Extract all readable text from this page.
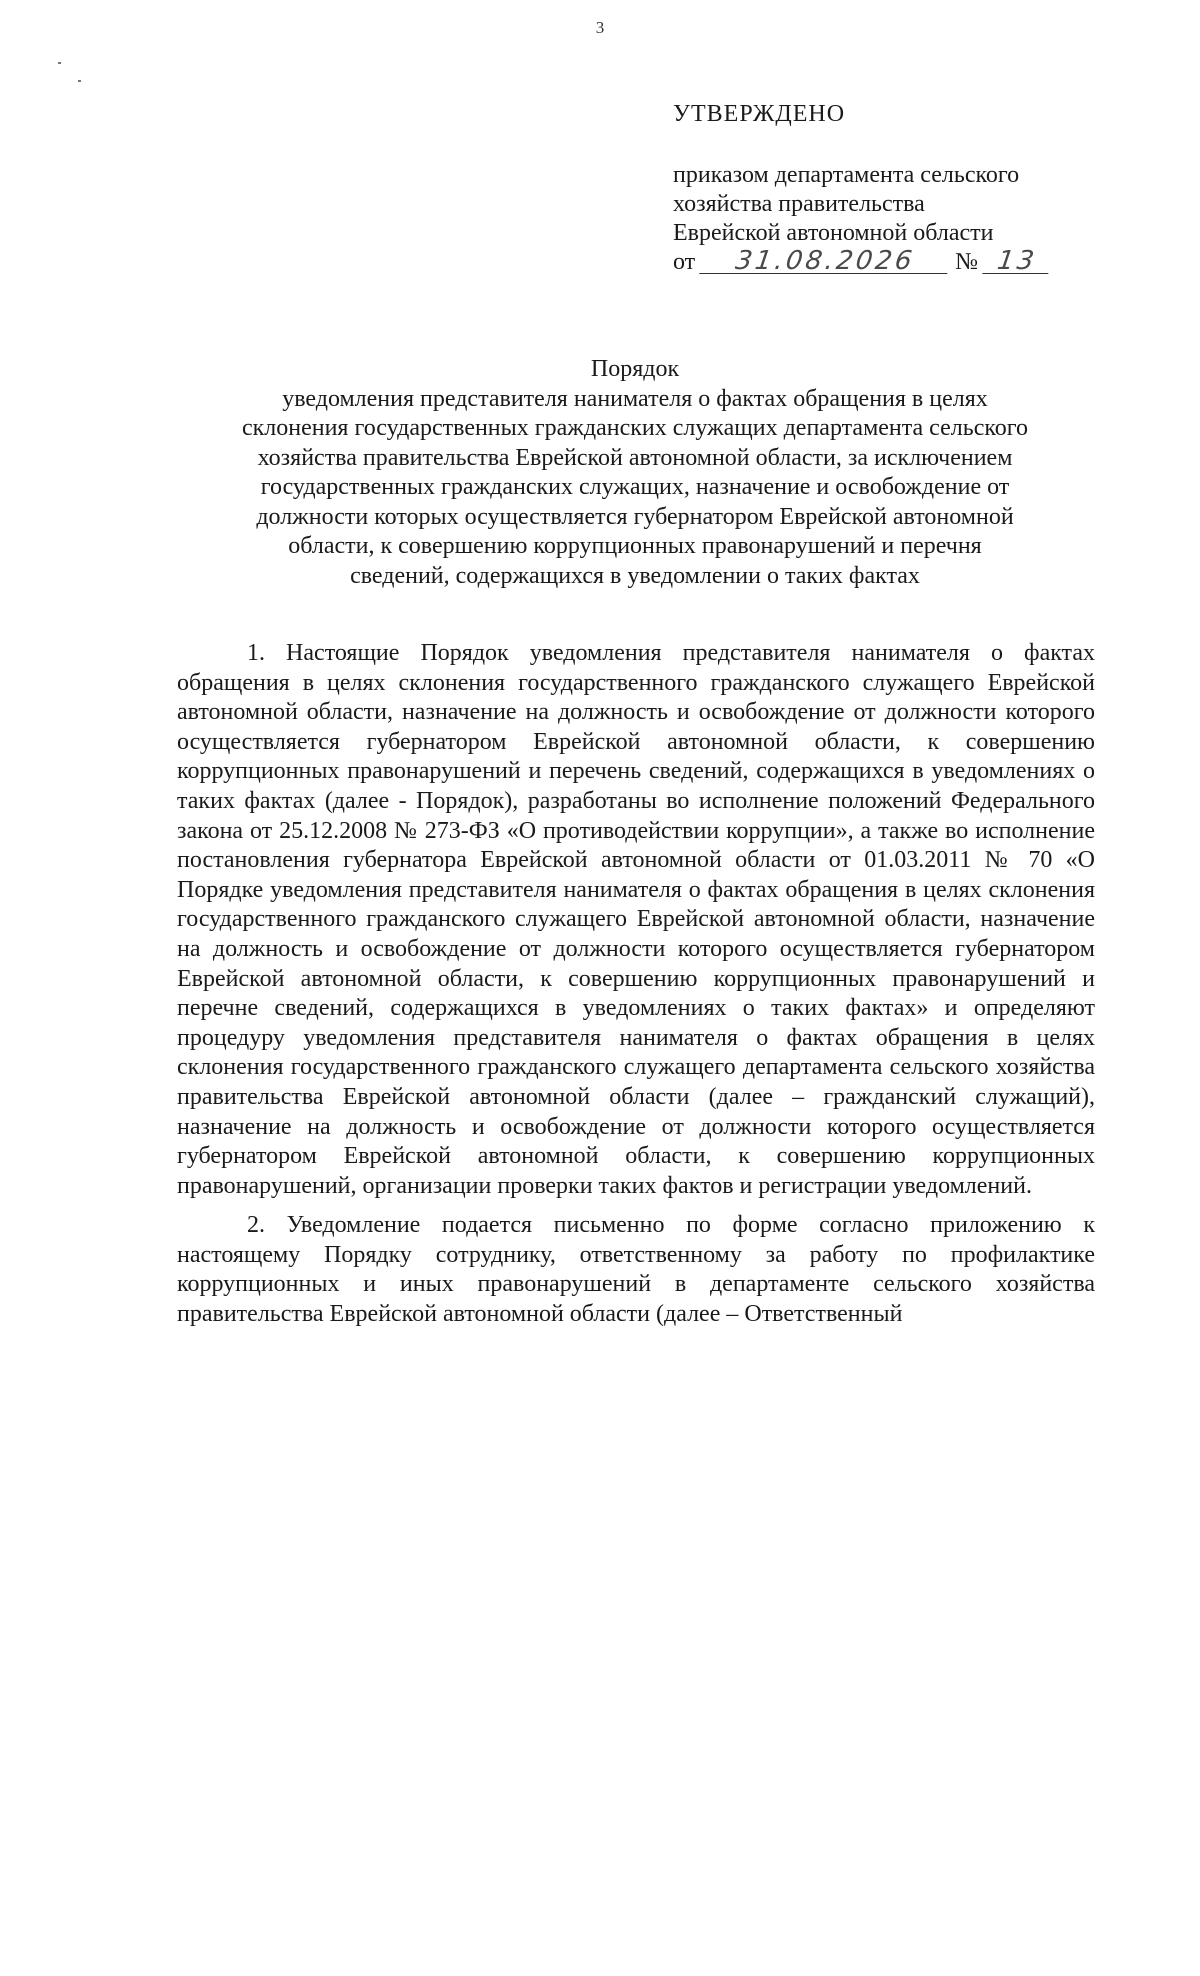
3
УТВЕРЖДЕНО
приказом департамента сельского
хозяйства правительства
Еврейской автономной области
от 31.08.2026 № 13
Порядок
уведомления представителя нанимателя о фактах обращения в целях
склонения государственных гражданских служащих департамента сельского
хозяйства правительства Еврейской автономной области, за исключением
государственных гражданских служащих, назначение и освобождение от
должности которых осуществляется губернатором Еврейской автономной
области, к совершению коррупционных правонарушений и перечня
сведений, содержащихся в уведомлении о таких фактах

1. Настоящие Порядок уведомления представителя нанимателя о фактах обращения в целях склонения государственного гражданского служащего Еврейской автономной области, назначение на должность и освобождение от должности которого осуществляется губернатором Еврейской автономной области, к совершению коррупционных правонарушений и перечень сведений, содержащихся в уведомлениях о таких фактах (далее - Порядок), разработаны во исполнение положений Федерального закона от 25.12.2008 № 273-ФЗ «О противодействии коррупции», а также во исполнение постановления губернатора Еврейской автономной области от 01.03.2011 № 70 «О Порядке уведомления представителя нанимателя о фактах обращения в целях склонения государственного гражданского служащего Еврейской автономной области, назначение на должность и освобождение от должности которого осуществляется губернатором Еврейской автономной области, к совершению коррупционных правонарушений и перечне сведений, содержащихся в уведомлениях о таких фактах» и определяют процедуру уведомления представителя нанимателя о фактах обращения в целях склонения государственного гражданского служащего департамента сельского хозяйства правительства Еврейской автономной области (далее – гражданский служащий), назначение на должность и освобождение от должности которого осуществляется губернатором Еврейской автономной области, к совершению коррупционных правонарушений, организации проверки таких фактов и регистрации уведомлений.

2. Уведомление подается письменно по форме согласно приложению к настоящему Порядку сотруднику, ответственному за работу по профилактике коррупционных и иных правонарушений в департаменте сельского хозяйства правительства Еврейской автономной области (далее – Ответственный
